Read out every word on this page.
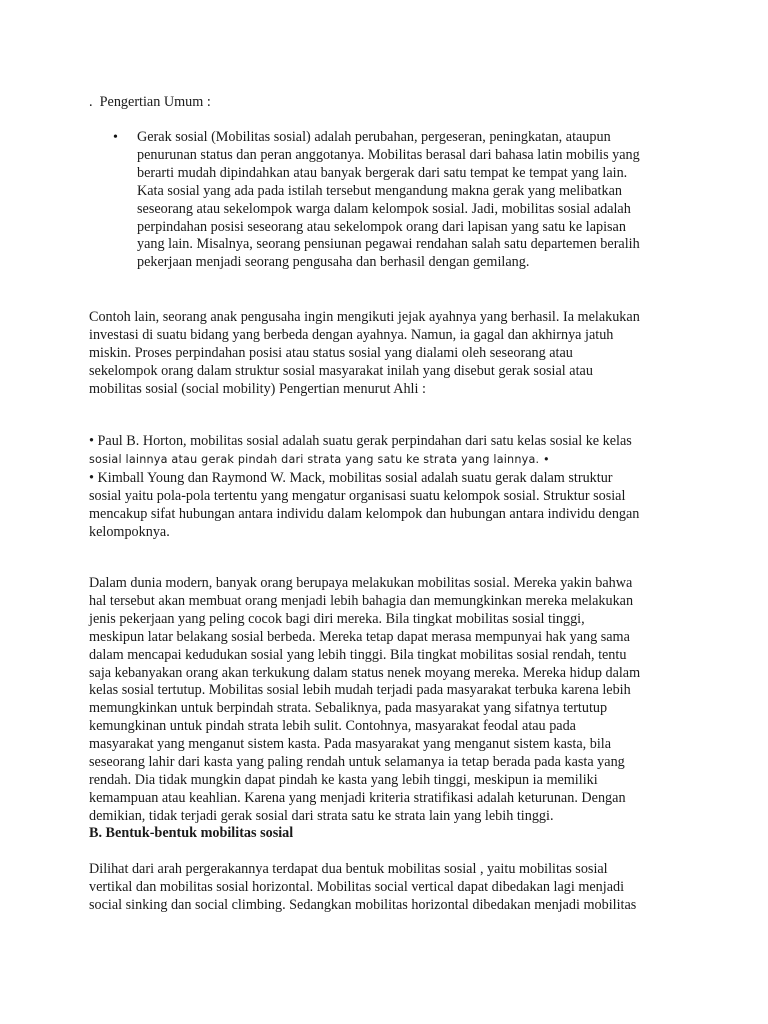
.  Pengertian Umum :
•	Gerak sosial (Mobilitas sosial) adalah perubahan, pergeseran, peningkatan, ataupun
penurunan status dan peran anggotanya. Mobilitas berasal dari bahasa latin mobilis yang
berarti mudah dipindahkan atau banyak bergerak dari satu tempat ke tempat yang lain.
Kata sosial yang ada pada istilah tersebut mengandung makna gerak yang melibatkan
seseorang atau sekelompok warga dalam kelompok sosial. Jadi, mobilitas sosial adalah
perpindahan posisi seseorang atau sekelompok orang dari lapisan yang satu ke lapisan
yang lain. Misalnya, seorang pensiunan pegawai rendahan salah satu departemen beralih
pekerjaan menjadi seorang pengusaha dan berhasil dengan gemilang.
Contoh lain, seorang anak pengusaha ingin mengikuti jejak ayahnya yang berhasil. Ia melakukan
investasi di suatu bidang yang berbeda dengan ayahnya. Namun, ia gagal dan akhirnya jatuh
miskin. Proses perpindahan posisi atau status sosial yang dialami oleh seseorang atau
sekelompok orang dalam struktur sosial masyarakat inilah yang disebut gerak sosial atau
mobilitas sosial (social mobility) Pengertian menurut Ahli :
• Paul B. Horton, mobilitas sosial adalah suatu gerak perpindahan dari satu kelas sosial ke kelas
sosial lainnya atau gerak pindah dari strata yang satu ke strata yang lainnya. •
• Kimball Young dan Raymond W. Mack, mobilitas sosial adalah suatu gerak dalam struktur
sosial yaitu pola-pola tertentu yang mengatur organisasi suatu kelompok sosial. Struktur sosial
mencakup sifat hubungan antara individu dalam kelompok dan hubungan antara individu dengan
kelompoknya.
Dalam dunia modern, banyak orang berupaya melakukan mobilitas sosial. Mereka yakin bahwa
hal tersebut akan membuat orang menjadi lebih bahagia dan memungkinkan mereka melakukan
jenis pekerjaan yang peling cocok bagi diri mereka. Bila tingkat mobilitas sosial tinggi,
meskipun latar belakang sosial berbeda. Mereka tetap dapat merasa mempunyai hak yang sama
dalam mencapai kedudukan sosial yang lebih tinggi. Bila tingkat mobilitas sosial rendah, tentu
saja kebanyakan orang akan terkukung dalam status nenek moyang mereka. Mereka hidup dalam
kelas sosial tertutup. Mobilitas sosial lebih mudah terjadi pada masyarakat terbuka karena lebih
memungkinkan untuk berpindah strata. Sebaliknya, pada masyarakat yang sifatnya tertutup
kemungkinan untuk pindah strata lebih sulit. Contohnya, masyarakat feodal atau pada
masyarakat yang menganut sistem kasta. Pada masyarakat yang menganut sistem kasta, bila
seseorang lahir dari kasta yang paling rendah untuk selamanya ia tetap berada pada kasta yang
rendah. Dia tidak mungkin dapat pindah ke kasta yang lebih tinggi, meskipun ia memiliki
kemampuan atau keahlian. Karena yang menjadi kriteria stratifikasi adalah keturunan. Dengan
demikian, tidak terjadi gerak sosial dari strata satu ke strata lain yang lebih tinggi.
B. Bentuk-bentuk mobilitas sosial
Dilihat dari arah pergerakannya terdapat dua bentuk mobilitas sosial , yaitu mobilitas sosial
vertikal dan mobilitas sosial horizontal. Mobilitas social vertical dapat dibedakan lagi menjadi
social sinking dan social climbing. Sedangkan mobilitas horizontal dibedakan menjadi mobilitas
